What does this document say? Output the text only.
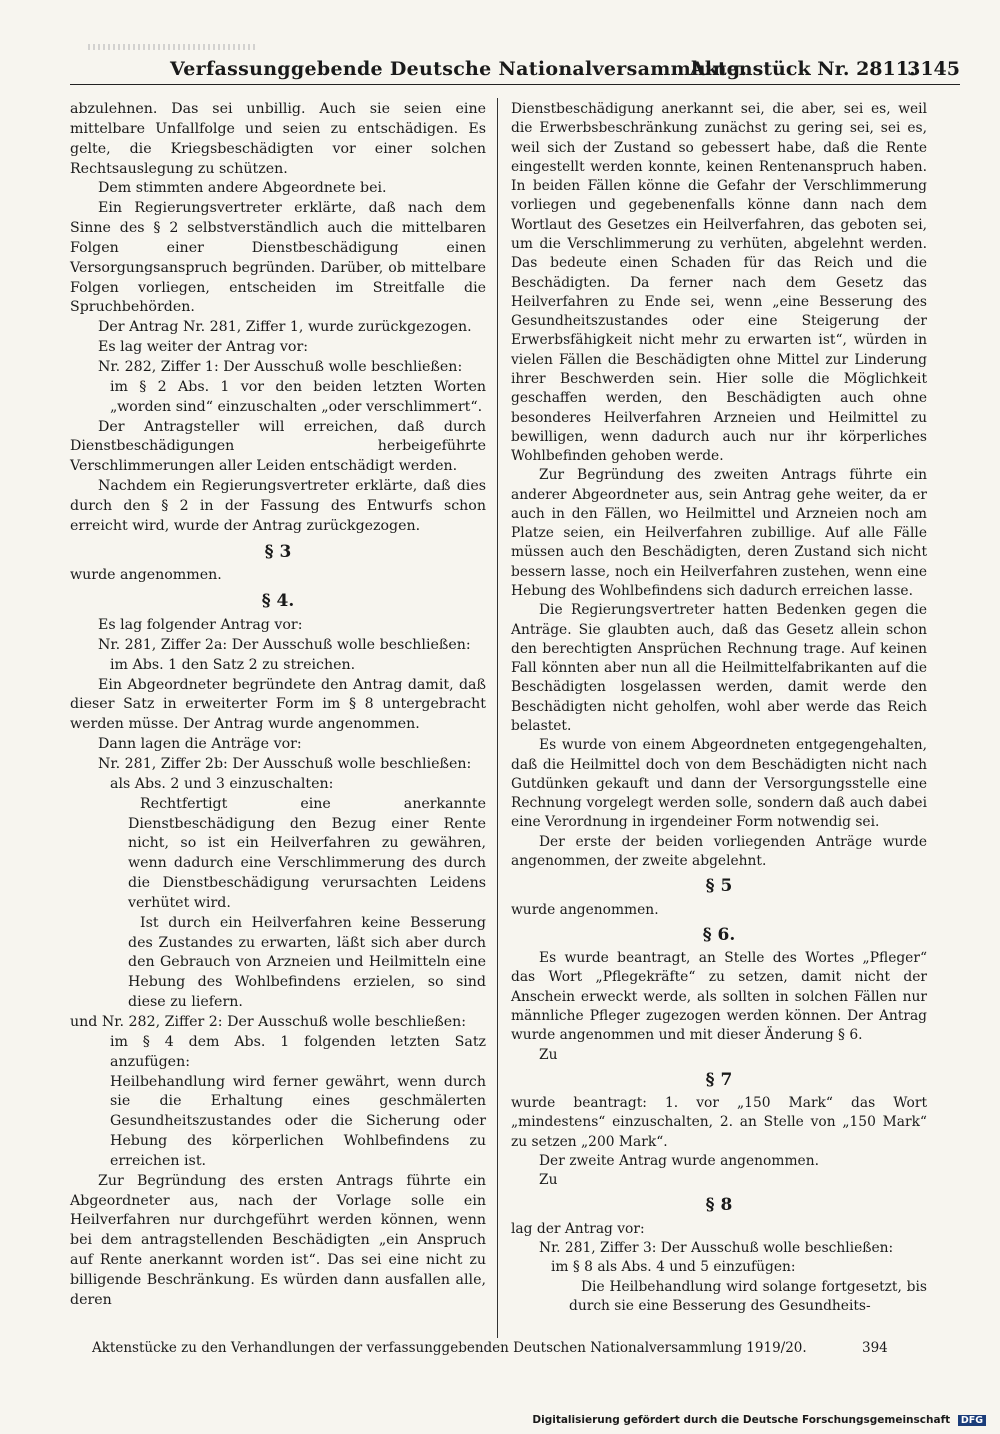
Verfassunggebende Deutsche Nationalversammlung.
Aktenstück Nr. 2811.
3145

abzulehnen. Das sei unbillig. Auch sie seien eine mittelbare Unfallfolge und seien zu entschädigen. Es gelte, die Kriegsbeschädigten vor einer solchen Rechtsauslegung zu schützen.

Dem stimmten andere Abgeordnete bei.

Ein Regierungsvertreter erklärte, daß nach dem Sinne des § 2 selbstverständlich auch die mittelbaren Folgen einer Dienstbeschädigung einen Versorgungsanspruch begründen. Darüber, ob mittelbare Folgen vorliegen, entscheiden im Streitfalle die Spruchbehörden.

Der Antrag Nr. 281, Ziffer 1, wurde zurückgezogen.

Es lag weiter der Antrag vor:

Nr. 282, Ziffer 1: Der Ausschuß wolle beschließen:

im § 2 Abs. 1 vor den beiden letzten Worten „worden sind“ einzuschalten „oder verschlimmert“.

Der Antragsteller will erreichen, daß durch Dienstbeschädigungen herbeigeführte Verschlimmerungen aller Leiden entschädigt werden.

Nachdem ein Regierungsvertreter erklärte, daß dies durch den § 2 in der Fassung des Entwurfs schon erreicht wird, wurde der Antrag zurückgezogen.

§ 3

wurde angenommen.

§ 4.

Es lag folgender Antrag vor:

Nr. 281, Ziffer 2a: Der Ausschuß wolle beschließen:

im Abs. 1 den Satz 2 zu streichen.

Ein Abgeordneter begründete den Antrag damit, daß dieser Satz in erweiterter Form im § 8 untergebracht werden müsse. Der Antrag wurde angenommen.

Dann lagen die Anträge vor:

Nr. 281, Ziffer 2b: Der Ausschuß wolle beschließen:

als Abs. 2 und 3 einzuschalten:

Rechtfertigt eine anerkannte Dienstbeschädigung den Bezug einer Rente nicht, so ist ein Heilverfahren zu gewähren, wenn dadurch eine Verschlimmerung des durch die Dienstbeschädigung verursachten Leidens verhütet wird.

Ist durch ein Heilverfahren keine Besserung des Zustandes zu erwarten, läßt sich aber durch den Gebrauch von Arzneien und Heilmitteln eine Hebung des Wohlbefindens erzielen, so sind diese zu liefern.

und Nr. 282, Ziffer 2: Der Ausschuß wolle beschließen:

im § 4 dem Abs. 1 folgenden letzten Satz anzufügen:

Heilbehandlung wird ferner gewährt, wenn durch sie die Erhaltung eines geschmälerten Gesundheitszustandes oder die Sicherung oder Hebung des körperlichen Wohlbefindens zu erreichen ist.

Zur Begründung des ersten Antrags führte ein Abgeordneter aus, nach der Vorlage solle ein Heilverfahren nur durchgeführt werden können, wenn bei dem antragstellenden Beschädigten „ein Anspruch auf Rente anerkannt worden ist“. Das sei eine nicht zu billigende Beschränkung. Es würden dann ausfallen alle, deren

Dienstbeschädigung anerkannt sei, die aber, sei es, weil die Erwerbsbeschränkung zunächst zu gering sei, sei es, weil sich der Zustand so gebessert habe, daß die Rente eingestellt werden konnte, keinen Rentenanspruch haben. In beiden Fällen könne die Gefahr der Verschlimmerung vorliegen und gegebenenfalls könne dann nach dem Wortlaut des Gesetzes ein Heilverfahren, das geboten sei, um die Verschlimmerung zu verhüten, abgelehnt werden. Das bedeute einen Schaden für das Reich und die Beschädigten. Da ferner nach dem Gesetz das Heilverfahren zu Ende sei, wenn „eine Besserung des Gesundheitszustandes oder eine Steigerung der Erwerbsfähigkeit nicht mehr zu erwarten ist“, würden in vielen Fällen die Beschädigten ohne Mittel zur Linderung ihrer Beschwerden sein. Hier solle die Möglichkeit geschaffen werden, den Beschädigten auch ohne besonderes Heilverfahren Arzneien und Heilmittel zu bewilligen, wenn dadurch auch nur ihr körperliches Wohlbefinden gehoben werde.

Zur Begründung des zweiten Antrags führte ein anderer Abgeordneter aus, sein Antrag gehe weiter, da er auch in den Fällen, wo Heilmittel und Arzneien noch am Platze seien, ein Heilverfahren zubillige. Auf alle Fälle müssen auch den Beschädigten, deren Zustand sich nicht bessern lasse, noch ein Heilverfahren zustehen, wenn eine Hebung des Wohlbefindens sich dadurch erreichen lasse.

Die Regierungsvertreter hatten Bedenken gegen die Anträge. Sie glaubten auch, daß das Gesetz allein schon den berechtigten Ansprüchen Rechnung trage. Auf keinen Fall könnten aber nun all die Heilmittelfabrikanten auf die Beschädigten losgelassen werden, damit werde den Beschädigten nicht geholfen, wohl aber werde das Reich belastet.

Es wurde von einem Abgeordneten entgegengehalten, daß die Heilmittel doch von dem Beschädigten nicht nach Gutdünken gekauft und dann der Versorgungsstelle eine Rechnung vorgelegt werden solle, sondern daß auch dabei eine Verordnung in irgendeiner Form notwendig sei.

Der erste der beiden vorliegenden Anträge wurde angenommen, der zweite abgelehnt.

§ 5

wurde angenommen.

§ 6.

Es wurde beantragt, an Stelle des Wortes „Pfleger“ das Wort „Pflegekräfte“ zu setzen, damit nicht der Anschein erweckt werde, als sollten in solchen Fällen nur männliche Pfleger zugezogen werden können. Der Antrag wurde angenommen und mit dieser Änderung § 6.

Zu

§ 7

wurde beantragt: 1. vor „150 Mark“ das Wort „mindestens“ einzuschalten, 2. an Stelle von „150 Mark“ zu setzen „200 Mark“.

Der zweite Antrag wurde angenommen.

Zu

§ 8

lag der Antrag vor:

Nr. 281, Ziffer 3: Der Ausschuß wolle beschließen:

im § 8 als Abs. 4 und 5 einzufügen:

Die Heilbehandlung wird solange fortgesetzt, bis durch sie eine Besserung des Gesundheits-

Aktenstücke zu den Verhandlungen der verfassunggebenden Deutschen Nationalversammlung 1919/20.	394
Digitalisierung gefördert durch die Deutsche Forschungsgemeinschaft DFG
